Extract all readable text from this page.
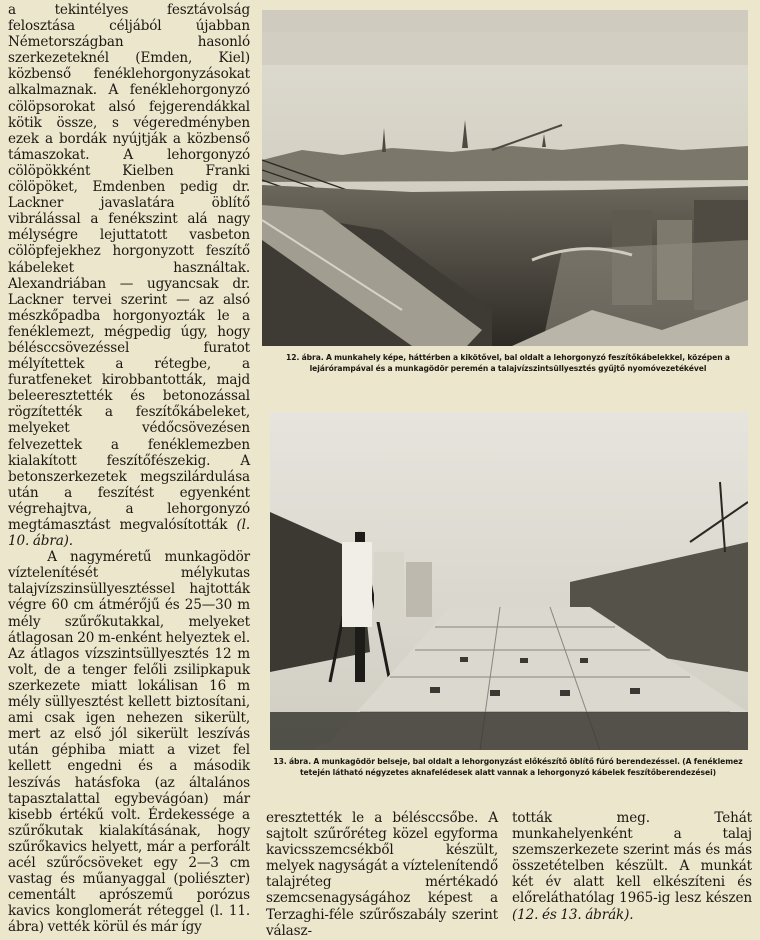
a tekintélyes fesztávolság felosztása céljából újabban Németországban hasonló szerkezeteknél (Emden, Kiel) közbenső fenéklehorgonyzásokat alkalmaznak. A fenéklehorgonyzó cölöpsorokat alsó fejgerendákkal kötik össze, s végeredményben ezek a bordák nyújtják a közbenső támaszokat. A lehorgonyzó cölöpökként Kielben Franki cölöpöket, Emdenben pedig dr. Lackner javaslatára öblítő vibrálással a fenékszint alá nagy mélységre lejuttatott vasbeton cölöpfejekhez horgonyzott feszítő kábeleket használtak. Alexandriában — ugyancsak dr. Lackner tervei szerint — az alsó mészkőpadba horgonyozták le a fenéklemezt, mégpedig úgy, hogy bélésccsövezéssel furatot mélyítettek a rétegbe, a furatfeneket kirobbantották, majd beleeresztették és betonozással rögzítették a feszítőkábeleket, melyeket védőcsövezésen felvezettek a fenéklemezben kialakított feszítőfészekig. A betonszerkezetek megszilárdulása után a feszítést egyenként végrehajtva, a lehorgonyzó megtámasztást megvalósították (l. 10. ábra).
A nagyméretű munkagödör víztelenítését mélykutas talajvízszinsüllyesztéssel hajtották végre 60 cm átmérőjű és 25—30 m mély szűrőkutakkal, melyeket átlagosan 20 m-enként helyeztek el. Az átlagos vízszintsüllyesztés 12 m volt, de a tenger felőli zsilipkapuk szerkezete miatt lokálisan 16 m mély süllyesztést kellett biztosítani, ami csak igen nehezen sikerült, mert az első jól sikerült leszívás után géphiba miatt a vizet fel kellett engedni és a második leszívás hatásfoka (az általános tapasztalattal egybevágóan) már kisebb értékű volt. Érdekessége a szűrőkutak kialakításának, hogy szűrőkavics helyett, már a perforált acél szűrőcsöveket egy 2—3 cm vastag és műanyaggal (poliészter) cementált aprószemű porózus kavics konglomerát réteggel (l. 11. ábra) vették körül és már így

12. ábra. A munkahely képe, háttérben a kikötővel, bal oldalt a lehorgonyzó feszítőkábelekkel, középen a lejárórampával és a munkagödör peremén a talajvízszintsüllyesztés gyűjtő nyomóvezetékével

13. ábra. A munkagödör belseje, bal oldalt a lehorgonyzást előkészítő öblítő fúró berendezéssel. (A fenéklemez tetején látható négyzetes aknafelédesek alatt vannak a lehorgonyzó kábelek feszítőberendezései)

eresztették le a bélésccsőbe. A sajtolt szűrőréteg közel egyforma kavicsszemcsékből készült, melyek nagyságát a víztelenítendő talajréteg mértékadó szemcsenagyságához képest a Terzaghi-féle szűrőszabály szerint válasz-

tották meg. Tehát munkahelyenként a talaj szemszerkezete szerint más és más összetételben készült. A munkát két év alatt kell elkészíteni és előreláthatólag 1965-ig lesz készen (12. és 13. ábrák).
